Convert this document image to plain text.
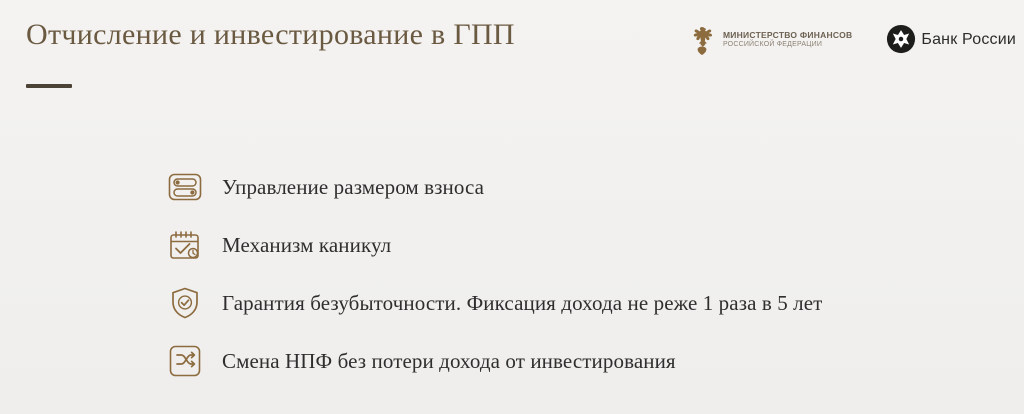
Отчисление и инвестирование в ГПП	МИНИСТЕРСТВО ФИНАНСОВ
РОССИЙСКОЙ ФЕДЕРАЦИИ	Банк России
Управление размером взноса
Механизм каникул
Гарантия безубыточности. Фиксация дохода не реже 1 раза в 5 лет
Смена НПФ без потери дохода от инвестирования
